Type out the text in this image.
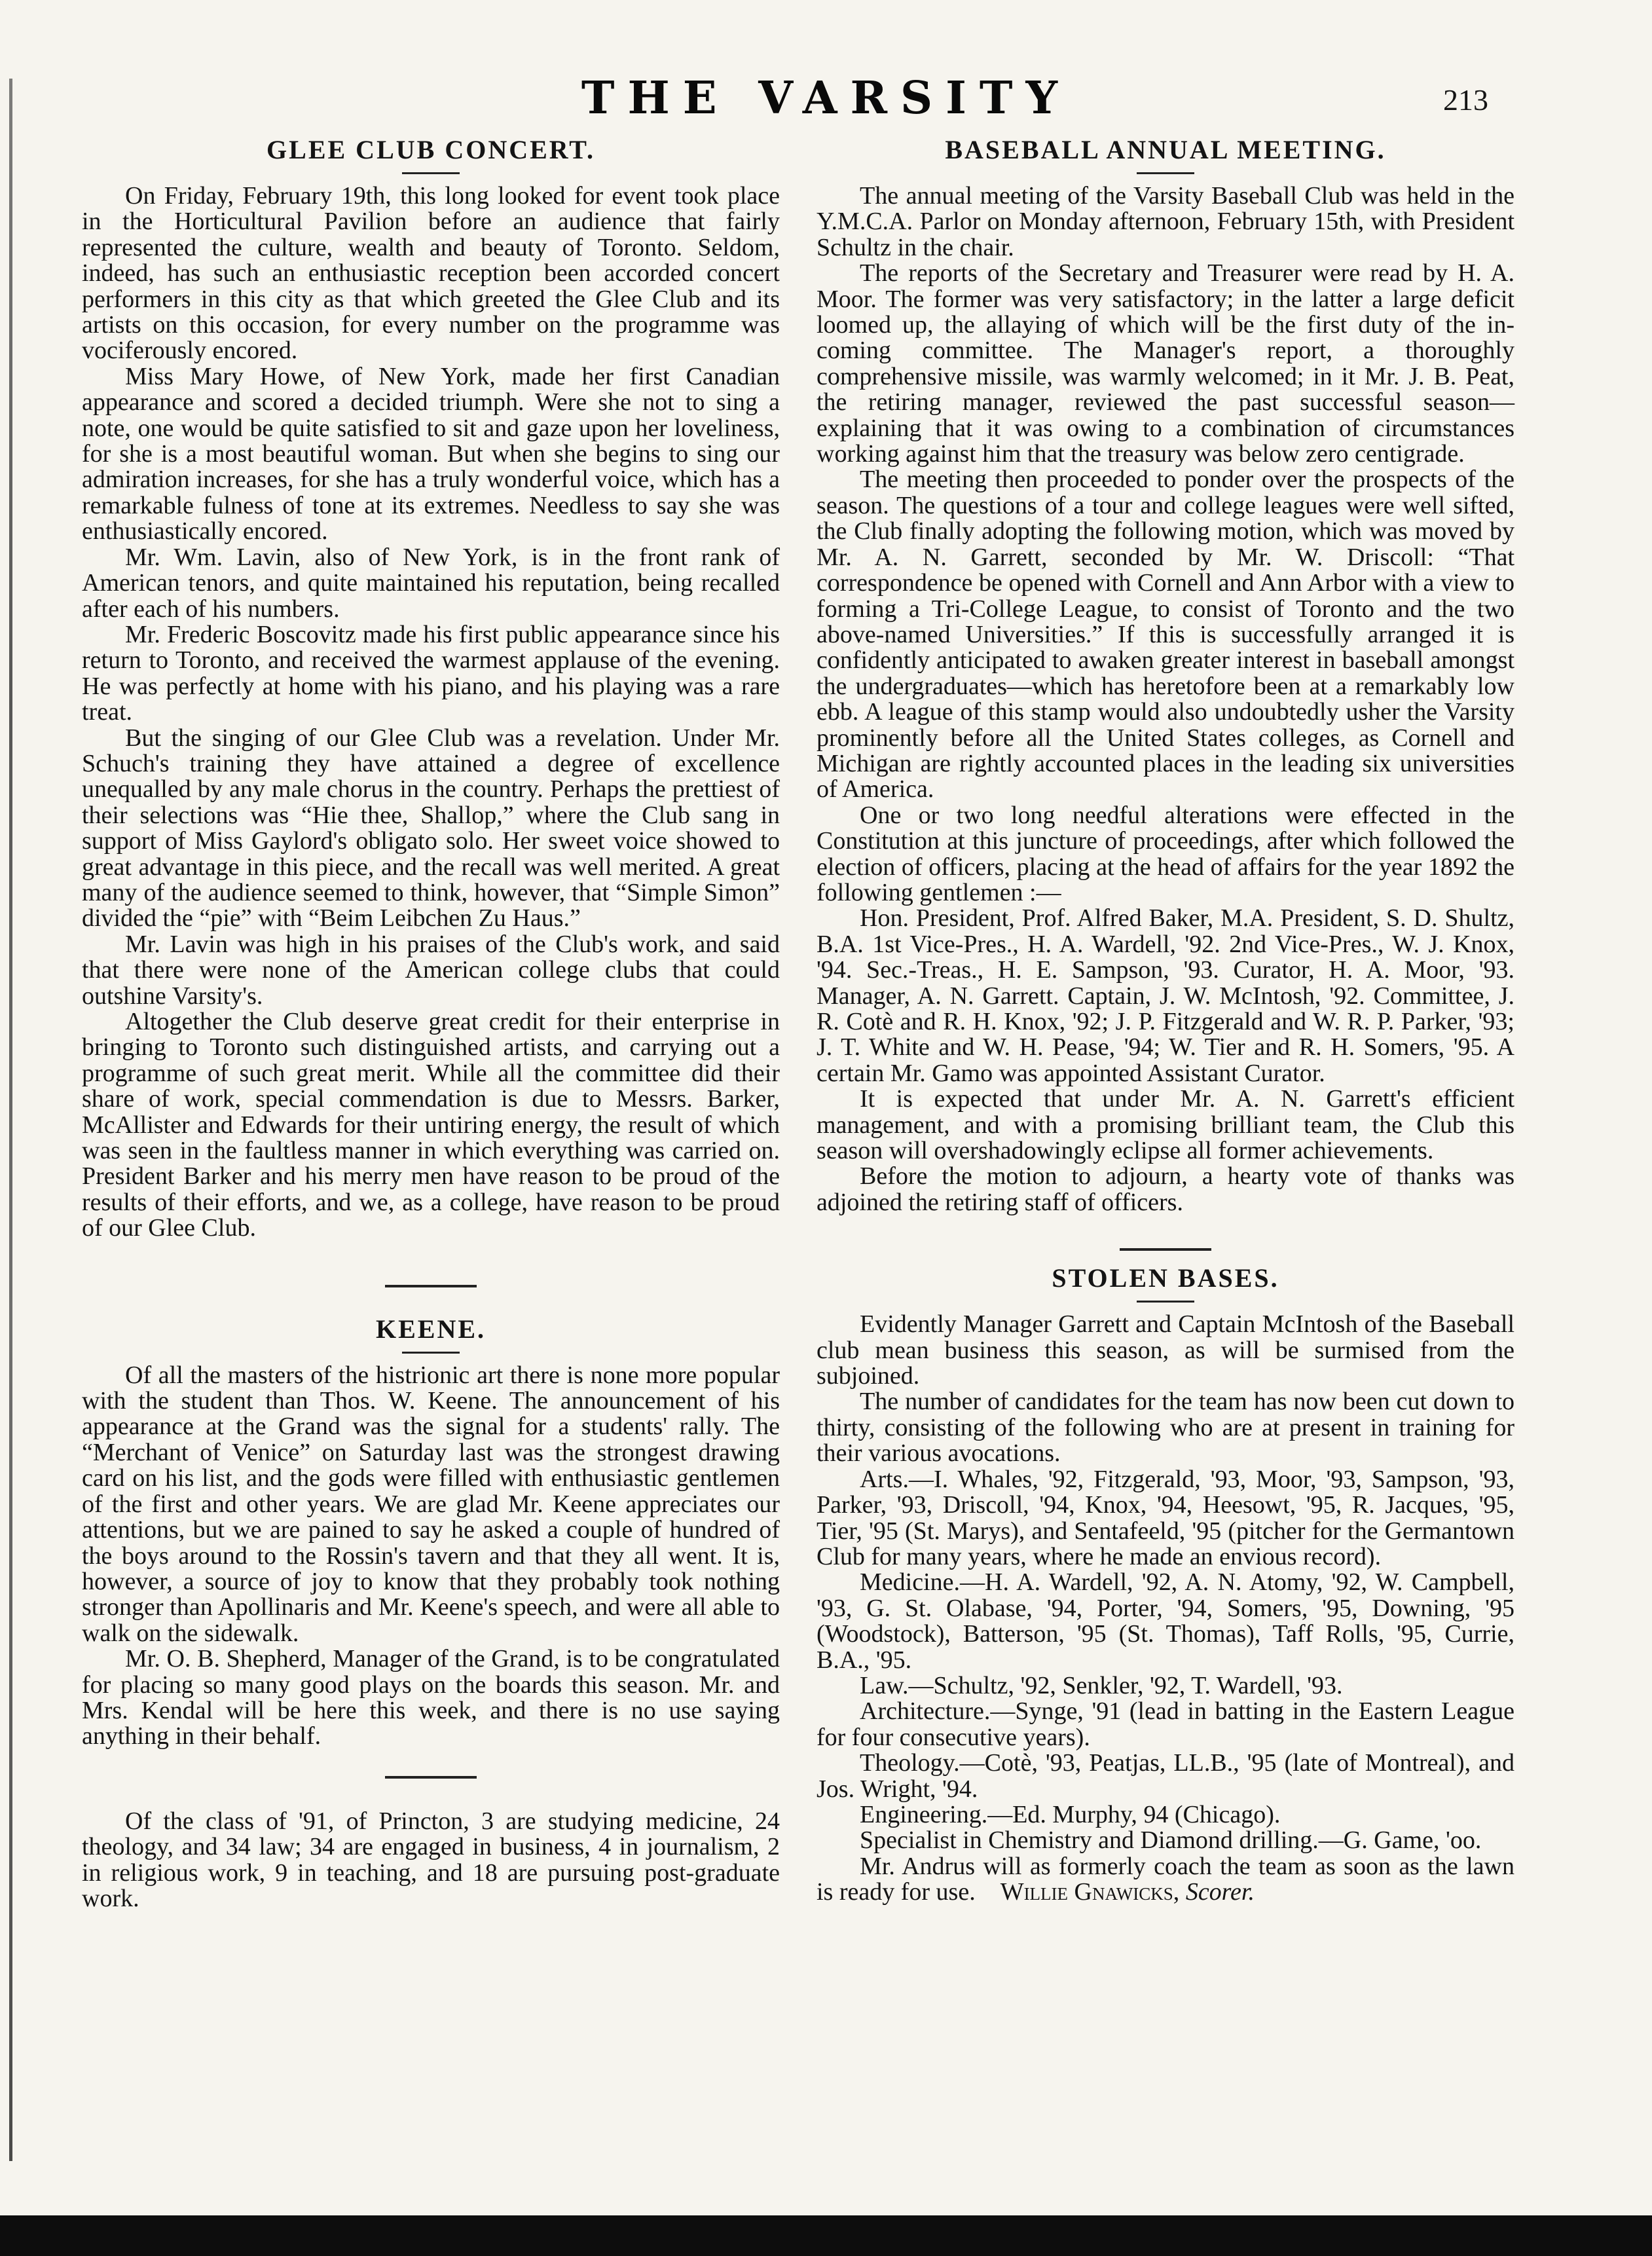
THE VARSITY	213
GLEE CLUB CONCERT.

On Friday, February 19th, this long looked for event took place in the Horticultural Pavilion before an audience that fairly represented the culture, wealth and beauty of Toronto. Seldom, indeed, has such an enthusiastic reception been accorded concert performers in this city as that which greeted the Glee Club and its artists on this occasion, for every number on the programme was vociferously encored.

Miss Mary Howe, of New York, made her first Canadian appearance and scored a decided triumph. Were she not to sing a note, one would be quite satisfied to sit and gaze upon her loveliness, for she is a most beautiful woman. But when she begins to sing our admiration increases, for she has a truly wonderful voice, which has a remarkable fulness of tone at its extremes. Needless to say she was enthusiastically encored.

Mr. Wm. Lavin, also of New York, is in the front rank of American tenors, and quite maintained his reputation, being recalled after each of his numbers.

Mr. Frederic Boscovitz made his first public appearance since his return to Toronto, and received the warmest applause of the evening. He was perfectly at home with his piano, and his playing was a rare treat.

But the singing of our Glee Club was a revelation. Under Mr. Schuch's training they have attained a degree of excellence unequalled by any male chorus in the country. Perhaps the prettiest of their selections was “Hie thee, Shallop,” where the Club sang in support of Miss Gaylord's obligato solo. Her sweet voice showed to great advantage in this piece, and the recall was well merited. A great many of the audience seemed to think, however, that “Simple Simon” divided the “pie” with “Beim Leibchen Zu Haus.”

Mr. Lavin was high in his praises of the Club's work, and said that there were none of the American college clubs that could outshine Varsity's.

Altogether the Club deserve great credit for their enterprise in bringing to Toronto such distinguished artists, and carrying out a programme of such great merit. While all the committee did their share of work, special commendation is due to Messrs. Barker, McAllister and Edwards for their untiring energy, the result of which was seen in the faultless manner in which everything was carried on. President Barker and his merry men have reason to be proud of the results of their efforts, and we, as a college, have reason to be proud of our Glee Club.

KEENE.

Of all the masters of the histrionic art there is none more popular with the student than Thos. W. Keene. The announcement of his appearance at the Grand was the signal for a students' rally. The “Merchant of Venice” on Saturday last was the strongest drawing card on his list, and the gods were filled with enthusiastic gentlemen of the first and other years. We are glad Mr. Keene appreciates our attentions, but we are pained to say he asked a couple of hundred of the boys around to the Rossin's tavern and that they all went. It is, however, a source of joy to know that they probably took nothing stronger than Apollinaris and Mr. Keene's speech, and were all able to walk on the sidewalk.

Mr. O. B. Shepherd, Manager of the Grand, is to be congratulated for placing so many good plays on the boards this season. Mr. and Mrs. Kendal will be here this week, and there is no use saying anything in their behalf.

Of the class of '91, of Princton, 3 are studying medicine, 24 theology, and 34 law; 34 are engaged in business, 4 in journalism, 2 in religious work, 9 in teaching, and 18 are pursuing post-graduate work.

BASEBALL ANNUAL MEETING.

The annual meeting of the Varsity Baseball Club was held in the Y.M.C.A. Parlor on Monday afternoon, February 15th, with President Schultz in the chair.

The reports of the Secretary and Treasurer were read by H. A. Moor. The former was very satisfactory; in the latter a large deficit loomed up, the allaying of which will be the first duty of the in-coming committee. The Manager's report, a thoroughly comprehensive missile, was warmly welcomed; in it Mr. J. B. Peat, the retiring manager, reviewed the past successful season—explaining that it was owing to a combination of circumstances working against him that the treasury was below zero centigrade.

The meeting then proceeded to ponder over the prospects of the season. The questions of a tour and college leagues were well sifted, the Club finally adopting the following motion, which was moved by Mr. A. N. Garrett, seconded by Mr. W. Driscoll: “That correspondence be opened with Cornell and Ann Arbor with a view to forming a Tri-College League, to consist of Toronto and the two above-named Universities.” If this is successfully arranged it is confidently anticipated to awaken greater interest in baseball amongst the undergraduates—which has heretofore been at a remarkably low ebb. A league of this stamp would also undoubtedly usher the Varsity prominently before all the United States colleges, as Cornell and Michigan are rightly accounted places in the leading six universities of America.

One or two long needful alterations were effected in the Constitution at this juncture of proceedings, after which followed the election of officers, placing at the head of affairs for the year 1892 the following gentlemen :—

Hon. President, Prof. Alfred Baker, M.A. President, S. D. Shultz, B.A. 1st Vice-Pres., H. A. Wardell, '92. 2nd Vice-Pres., W. J. Knox, '94. Sec.-Treas., H. E. Sampson, '93. Curator, H. A. Moor, '93. Manager, A. N. Garrett. Captain, J. W. McIntosh, '92. Committee, J. R. Cotè and R. H. Knox, '92; J. P. Fitzgerald and W. R. P. Parker, '93; J. T. White and W. H. Pease, '94; W. Tier and R. H. Somers, '95. A certain Mr. Gamo was appointed Assistant Curator.

It is expected that under Mr. A. N. Garrett's efficient management, and with a promising brilliant team, the Club this season will overshadowingly eclipse all former achievements.

Before the motion to adjourn, a hearty vote of thanks was adjoined the retiring staff of officers.

STOLEN BASES.

Evidently Manager Garrett and Captain McIntosh of the Baseball club mean business this season, as will be surmised from the subjoined.

The number of candidates for the team has now been cut down to thirty, consisting of the following who are at present in training for their various avocations.

Arts.—I. Whales, '92, Fitzgerald, '93, Moor, '93, Sampson, '93, Parker, '93, Driscoll, '94, Knox, '94, Heesowt, '95, R. Jacques, '95, Tier, '95 (St. Marys), and Sentafeeld, '95 (pitcher for the Germantown Club for many years, where he made an envious record).

Medicine.—H. A. Wardell, '92, A. N. Atomy, '92, W. Campbell, '93, G. St. Olabase, '94, Porter, '94, Somers, '95, Downing, '95 (Woodstock), Batterson, '95 (St. Thomas), Taff Rolls, '95, Currie, B.A., '95.

Law.—Schultz, '92, Senkler, '92, T. Wardell, '93.

Architecture.—Synge, '91 (lead in batting in the Eastern League for four consecutive years).

Theology.—Cotè, '93, Peatjas, LL.B., '95 (late of Montreal), and Jos. Wright, '94.

Engineering.—Ed. Murphy, 94 (Chicago).

Specialist in Chemistry and Diamond drilling.—G. Game, 'oo.

Mr. Andrus will as formerly coach the team as soon as the lawn is ready for use. Willie Gnawicks, Scorer.
